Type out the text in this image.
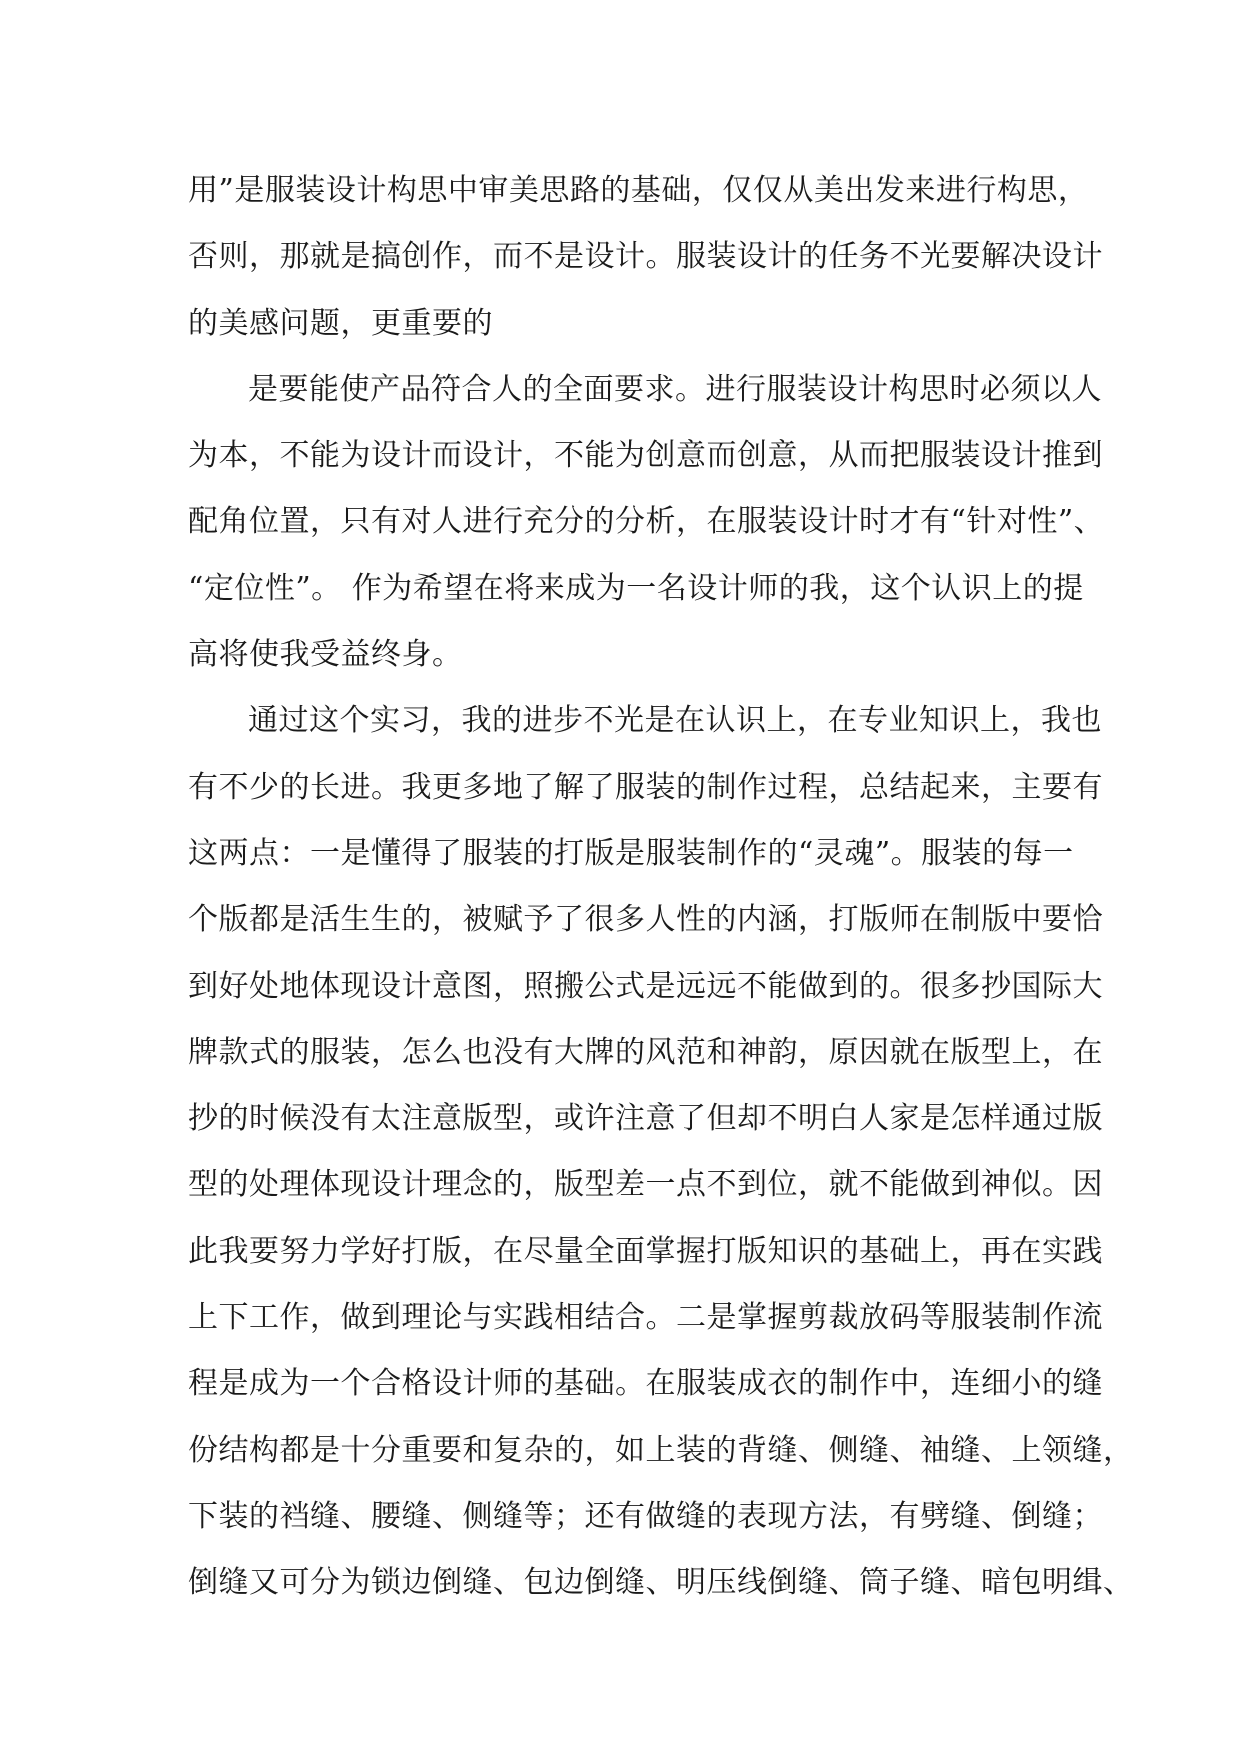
用”是服装设计构思中审美思路的基础，仅仅从美出发来进行构思，
否则，那就是搞创作，而不是设计。服装设计的任务不光要解决设计
的美感问题，更重要的
是要能使产品符合人的全面要求。进行服装设计构思时必须以人
为本，不能为设计而设计，不能为创意而创意，从而把服装设计推到
配角位置，只有对人进行充分的分析，在服装设计时才有“针对性”、
“定位性”。 作为希望在将来成为一名设计师的我，这个认识上的提
高将使我受益终身。
通过这个实习，我的进步不光是在认识上，在专业知识上，我也
有不少的长进。我更多地了解了服装的制作过程，总结起来，主要有
这两点：一是懂得了服装的打版是服装制作的“灵魂”。服装的每一
个版都是活生生的，被赋予了很多人性的内涵，打版师在制版中要恰
到好处地体现设计意图，照搬公式是远远不能做到的。很多抄国际大
牌款式的服装，怎么也没有大牌的风范和神韵，原因就在版型上，在
抄的时候没有太注意版型，或许注意了但却不明白人家是怎样通过版
型的处理体现设计理念的，版型差一点不到位，就不能做到神似。因
此我要努力学好打版，在尽量全面掌握打版知识的基础上，再在实践
上下工作，做到理论与实践相结合。二是掌握剪裁放码等服装制作流
程是成为一个合格设计师的基础。在服装成衣的制作中，连细小的缝
份结构都是十分重要和复杂的，如上装的背缝、侧缝、袖缝、上领缝，
下装的裆缝、腰缝、侧缝等；还有做缝的表现方法，有劈缝、倒缝；
倒缝又可分为锁边倒缝、包边倒缝、明压线倒缝、筒子缝、暗包明缉、
